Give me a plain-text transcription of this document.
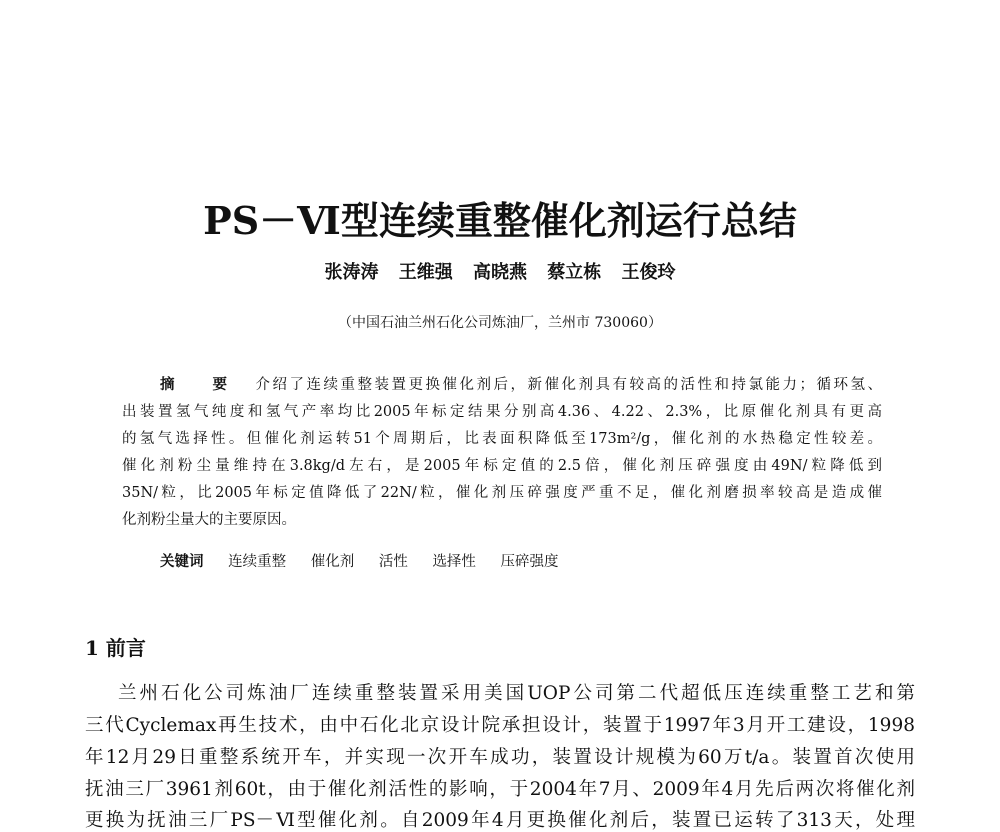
PS－Ⅵ型连续重整催化剂运行总结
张涛涛 王维强 高晓燕 蔡立栋 王俊玲
（中国石油兰州石化公司炼油厂，兰州市 730060）
摘 要 介绍了连续重整装置更换催化剂后，新催化剂具有较高的活性和持氯能力；循环氢、
出装置氢气纯度和氢气产率均比2005年标定结果分别高4.36、4.22、2.3%，比原催化剂具有更高
的氢气选择性。但催化剂运转51个周期后，比表面积降低至173m²/g，催化剂的水热稳定性较差。
催化剂粉尘量维持在3.8kg/d左右，是2005年标定值的2.5倍，催化剂压碎强度由49N/粒降低到
35N/粒，比2005年标定值降低了22N/粒，催化剂压碎强度严重不足，催化剂磨损率较高是造成催
化剂粉尘量大的主要原因。
关键词 连续重整 催化剂 活性 选择性 压碎强度
1 前言
兰州石化公司炼油厂连续重整装置采用美国UOP公司第二代超低压连续重整工艺和第
三代Cyclemax再生技术，由中石化北京设计院承担设计，装置于1997年3月开工建设，1998
年12月29日重整系统开车，并实现一次开车成功，装置设计规模为60万t/a。装置首次使用
抚油三厂3961剂60t，由于催化剂活性的影响，于2004年7月、2009年4月先后两次将催化剂
更换为抚油三厂PS－Ⅵ型催化剂。自2009年4月更换催化剂后，装置已运转了313天，处理
